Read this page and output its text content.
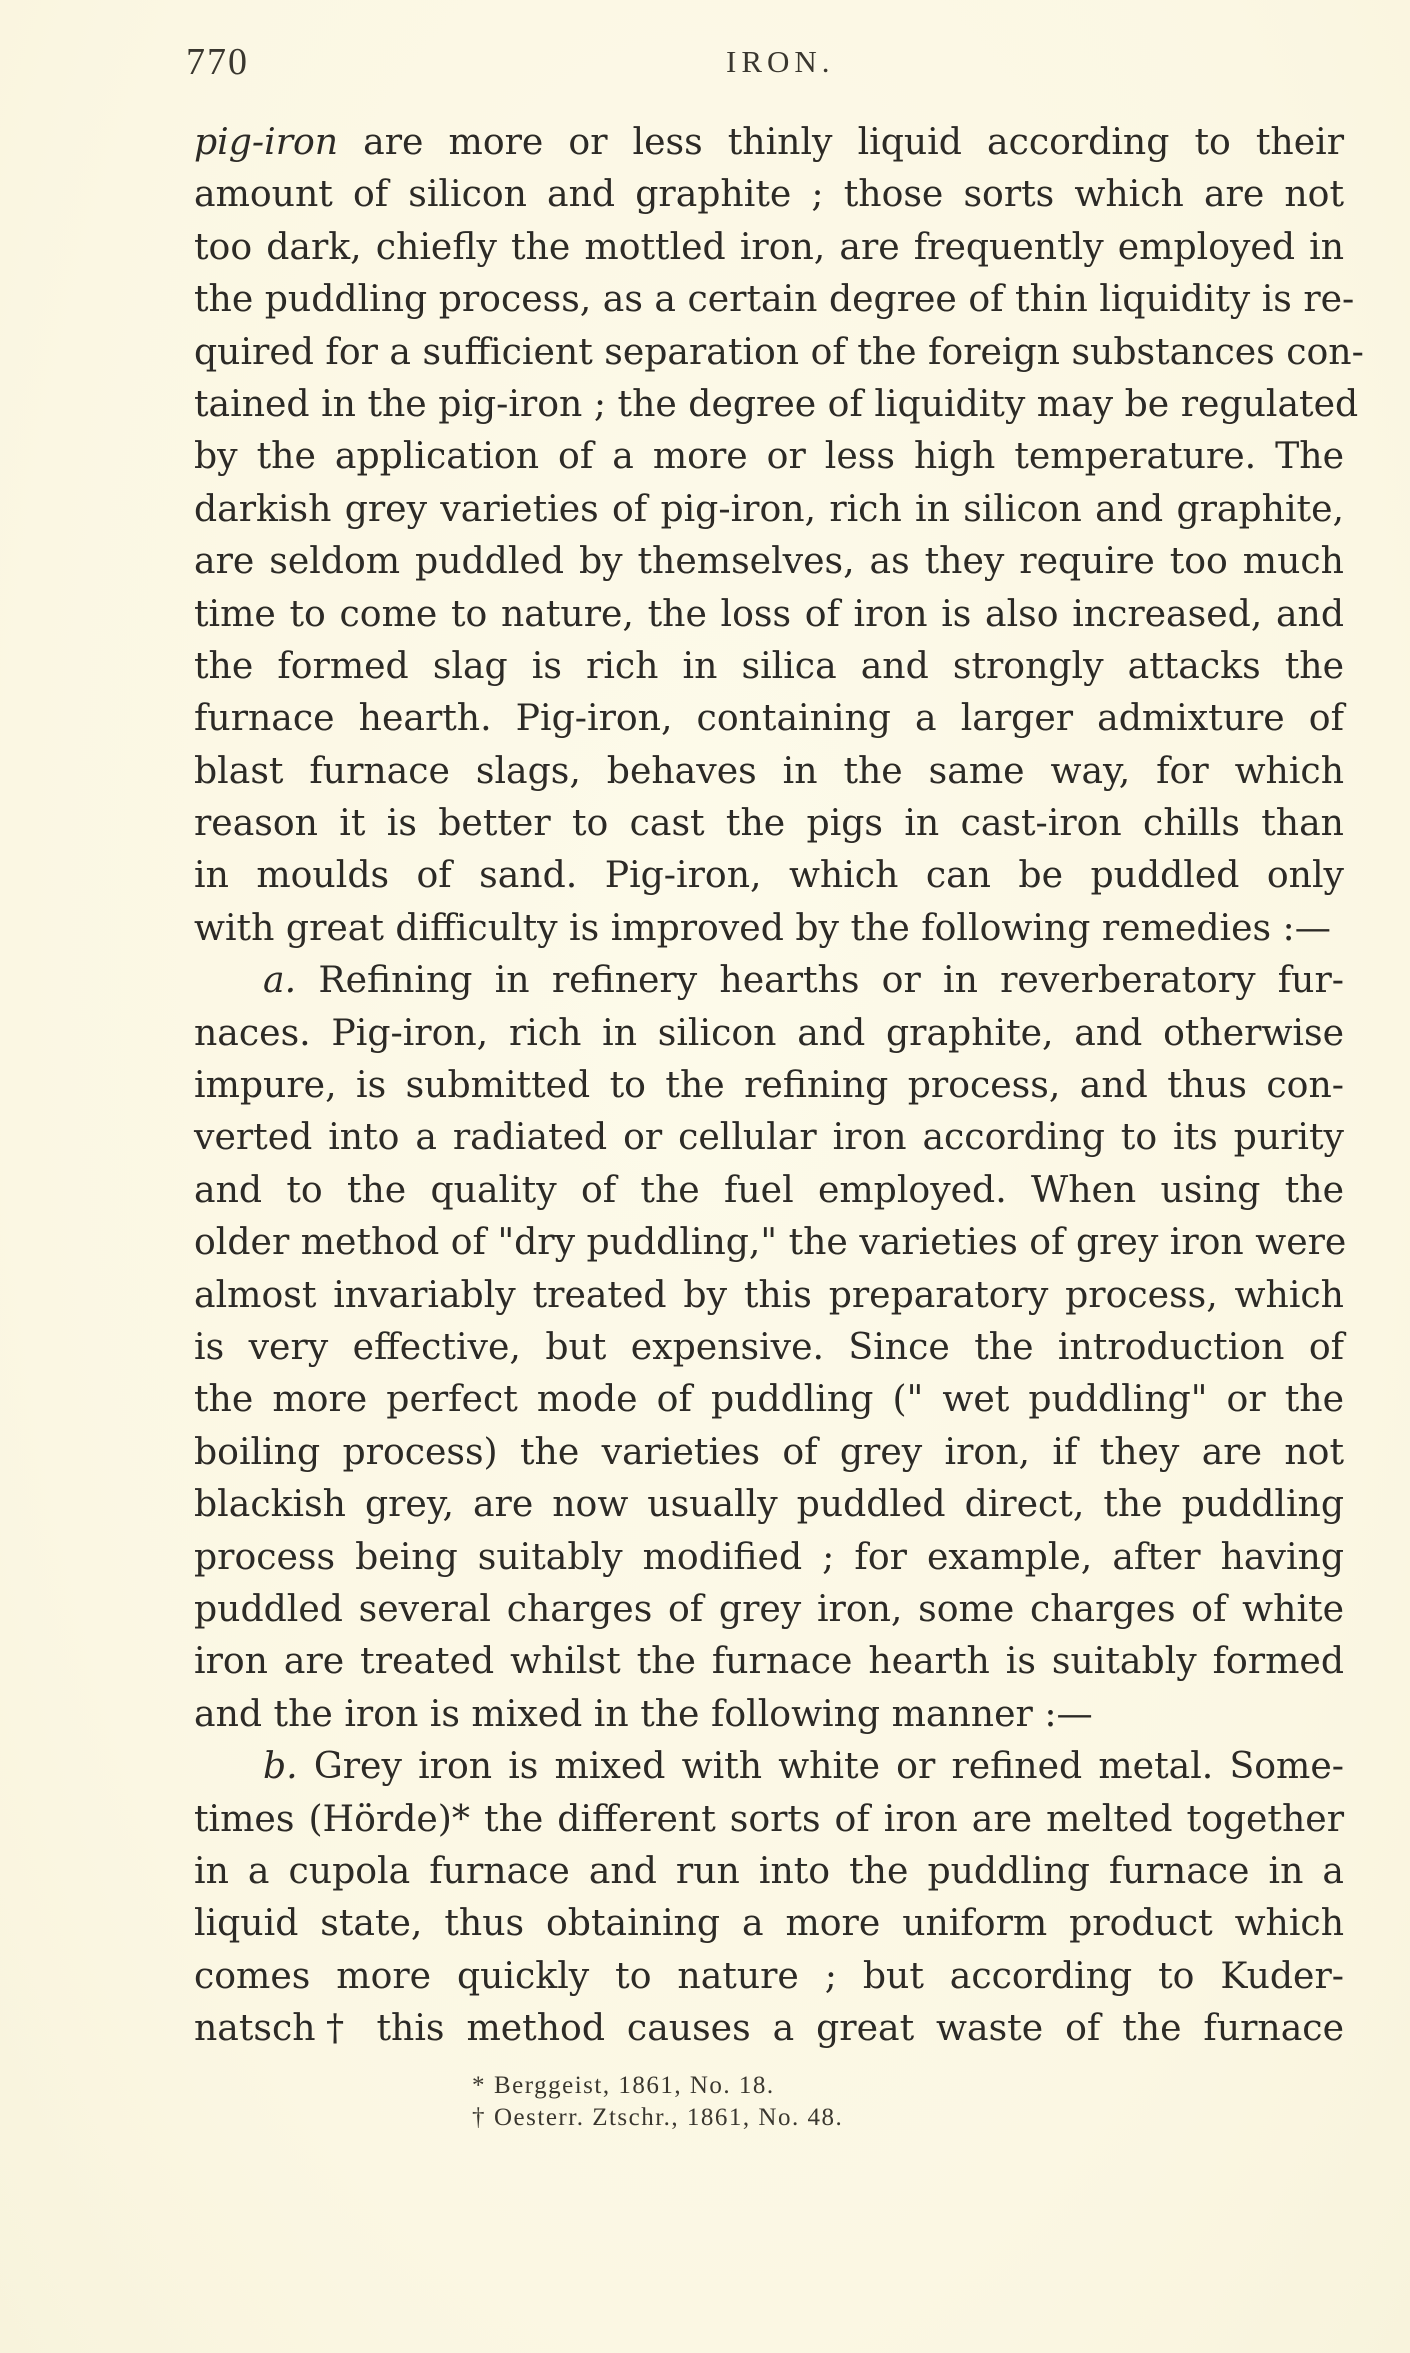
770	IRON.
pig-iron are more or less thinly liquid according to their
amount of silicon and graphite ; those sorts which are not
too dark, chiefly the mottled iron, are frequently employed in
the puddling process, as a certain degree of thin liquidity is re-
quired for a sufficient separation of the foreign substances con-
tained in the pig-iron ; the degree of liquidity may be regulated
by the application of a more or less high temperature. The
darkish grey varieties of pig-iron, rich in silicon and graphite,
are seldom puddled by themselves, as they require too much
time to come to nature, the loss of iron is also increased, and
the formed slag is rich in silica and strongly attacks the
furnace hearth. Pig-iron, containing a larger admixture of
blast furnace slags, behaves in the same way, for which
reason it is better to cast the pigs in cast-iron chills than
in moulds of sand. Pig-iron, which can be puddled only
with great difficulty is improved by the following remedies :—
a. Refining in refinery hearths or in reverberatory fur-
naces. Pig-iron, rich in silicon and graphite, and otherwise
impure, is submitted to the refining process, and thus con-
verted into a radiated or cellular iron according to its purity
and to the quality of the fuel employed. When using the
older method of "dry puddling," the varieties of grey iron were
almost invariably treated by this preparatory process, which
is very effective, but expensive. Since the introduction of
the more perfect mode of puddling (" wet puddling" or the
boiling process) the varieties of grey iron, if they are not
blackish grey, are now usually puddled direct, the puddling
process being suitably modified ; for example, after having
puddled several charges of grey iron, some charges of white
iron are treated whilst the furnace hearth is suitably formed
and the iron is mixed in the following manner :—
b. Grey iron is mixed with white or refined metal. Some-
times (Hörde)* the different sorts of iron are melted together
in a cupola furnace and run into the puddling furnace in a
liquid state, thus obtaining a more uniform product which
comes more quickly to nature ; but according to Kuder-
natsch† this method causes a great waste of the furnace
* Berggeist, 1861, No. 18.
† Oesterr. Ztschr., 1861, No. 48.
